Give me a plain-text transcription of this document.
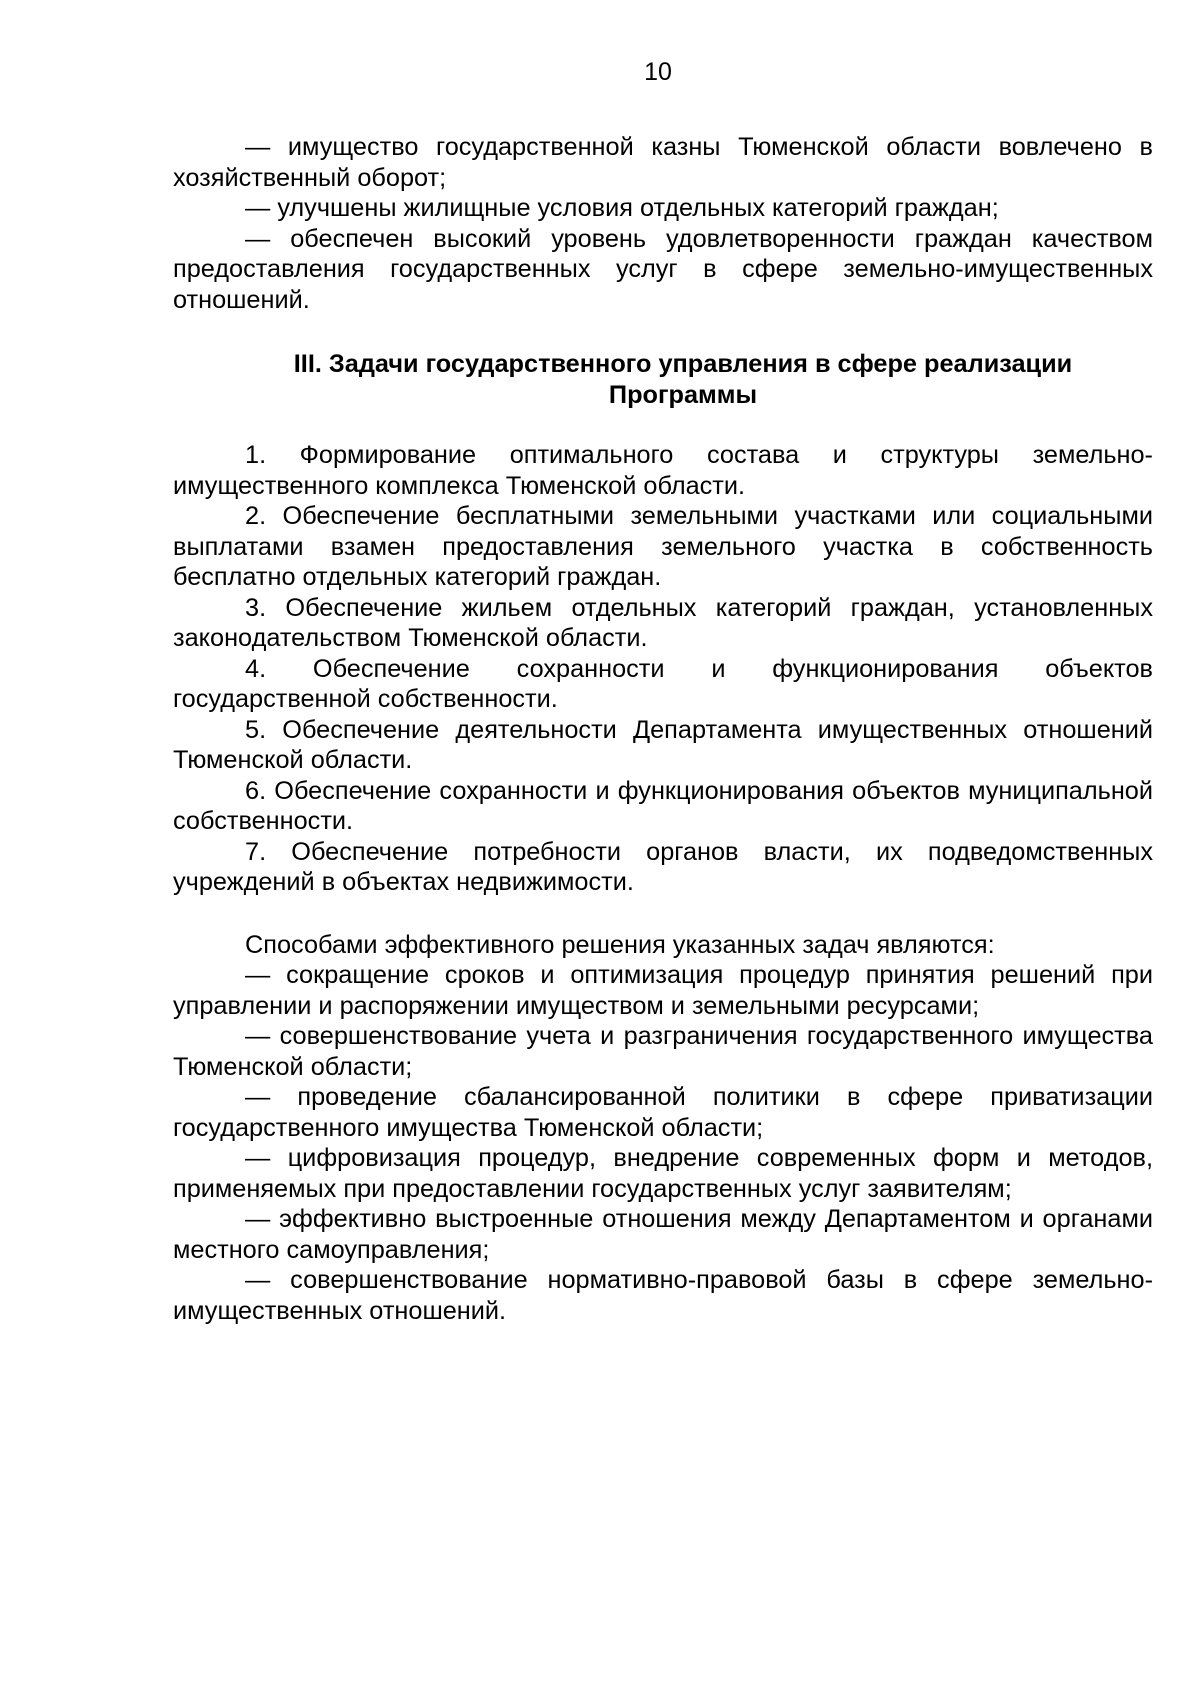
10

— имущество государственной казны Тюменской области вовлечено в хозяйственный оборот;

— улучшены жилищные условия отдельных категорий граждан;

— обеспечен высокий уровень удовлетворенности граждан качеством предоставления государственных услуг в сфере земельно-имущественных отношений.

III. Задачи государственного управления в сфере реализации
Программы

1. Формирование оптимального состава и структуры земельно-имущественного комплекса Тюменской области.

2. Обеспечение бесплатными земельными участками или социальными выплатами взамен предоставления земельного участка в собственность бесплатно отдельных категорий граждан.

3. Обеспечение жильем отдельных категорий граждан, установленных законодательством Тюменской области.

4. Обеспечение сохранности и функционирования объектов государственной собственности.

5. Обеспечение деятельности Департамента имущественных отношений Тюменской области.

6. Обеспечение сохранности и функционирования объектов муниципальной собственности.

7. Обеспечение потребности органов власти, их подведомственных учреждений в объектах недвижимости.

Способами эффективного решения указанных задач являются:

— сокращение сроков и оптимизация процедур принятия решений при управлении и распоряжении имуществом и земельными ресурсами;

— совершенствование учета и разграничения государственного имущества Тюменской области;

— проведение сбалансированной политики в сфере приватизации государственного имущества Тюменской области;

— цифровизация процедур, внедрение современных форм и методов, применяемых при предоставлении государственных услуг заявителям;

— эффективно выстроенные отношения между Департаментом и органами местного самоуправления;

— совершенствование нормативно-правовой базы в сфере земельно-имущественных отношений.
